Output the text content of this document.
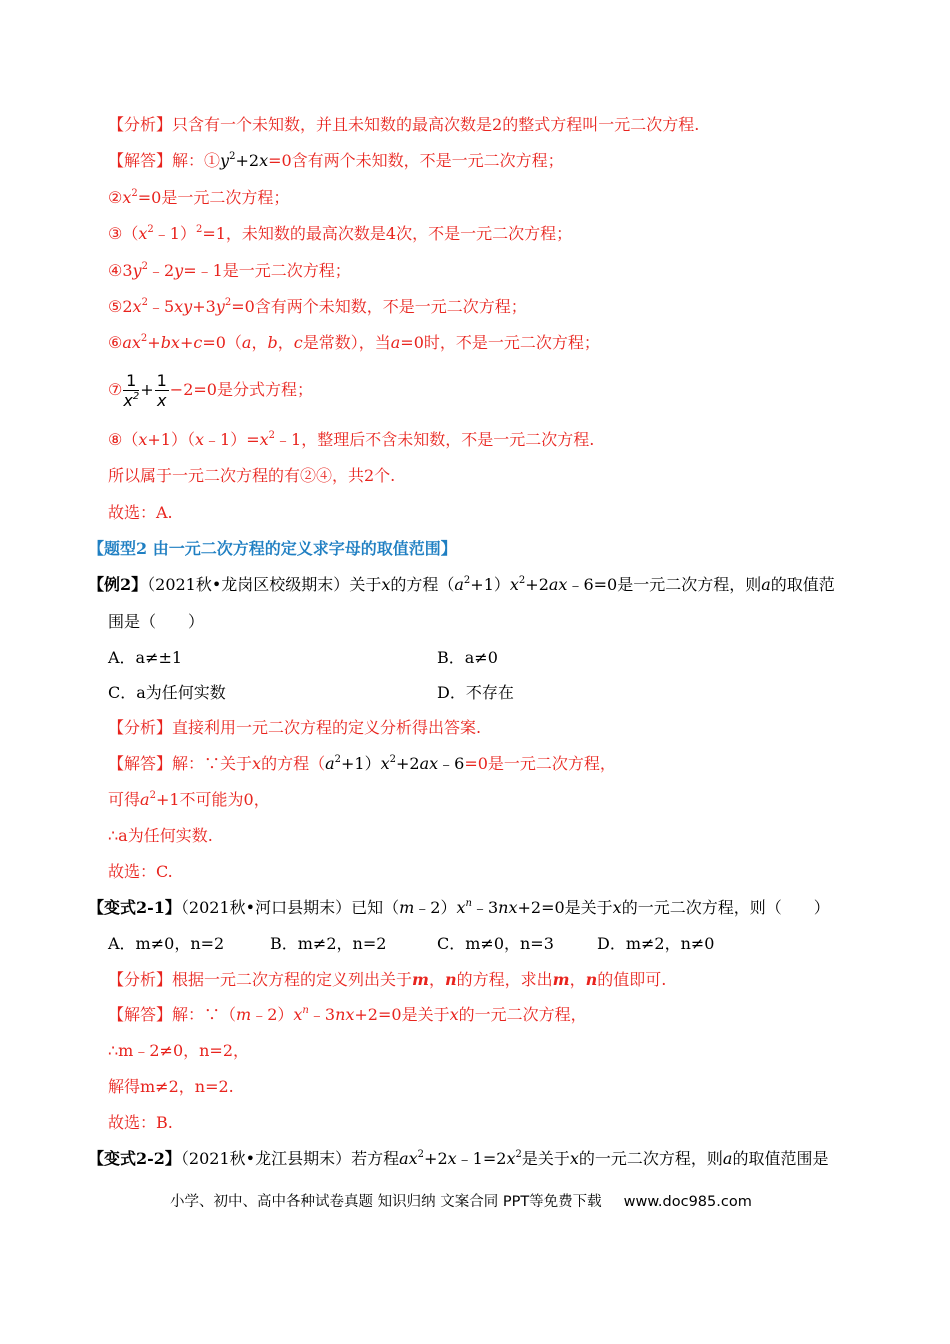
【分析】只含有一个未知数，并且未知数的最高次数是2的整式方程叫一元二次方程.
【解答】解：$①y^2+2x=0$含有两个未知数，不是一元二次方程；
$②x^2=0$是一元二次方程；
$③(x^2﹣1)^2=1$，未知数的最高次数是4次，不是一元二次方程；
$④3y^2﹣2y=﹣1$是一元二次方程；
$⑤2x^2﹣5xy+3y^2=0$含有两个未知数，不是一元二次方程；
$⑥ax^2+bx+c=0(a$，b，c是常数），当a=0时，不是一元二次方程；
⑦ $\frac{1}{x^2} + \frac{1}{x} -2=0$是分式方程；
$⑧(x+1)(x﹣1)=x^2﹣1$，整理后不含未知数，不是一元二次方程.
所以属于一元二次方程的有②④，共2个.
故选：A.
【题型2 由一元二次方程的定义求字母的取值范围】
【例2】（2021秋•龙岗区校级期末）关于x的方程$(a^2+1)x^2+2ax﹣6=0$是一元二次方程，则a的取值范
围是（　　）
A．a≠±1	B．a≠0
C．a为任何实数	D．不存在
【分析】直接利用一元二次方程的定义分析得出答案.
【解答】解：∵关于x的方程$(a^2+1)x^2+2ax﹣6=0$是一元二次方程，
可得$a^2+1$不可能为0，
∴a为任何实数.
故选：C.
【变式2-1】（2021秋•河口县期末）已知$(m﹣2)x^n﹣3nx+2=0$是关于x的一元二次方程，则（　　）
A．m≠0，n=2	B．m≠2，n=2	C．m≠0，n=3	D．m≠2，n≠0
【分析】根据一元二次方程的定义列出关于m，n的方程，求出m，n的值即可.
【解答】解：$\because(m﹣2)x^n﹣3nx+2=0$是关于x的一元二次方程，
∴m﹣2≠0，n=2，
解得m≠2，n=2.
故选：B.
【变式2-2】（2021秋•龙江县期末）若方程$ax^2+2x﹣1=2x^2$是关于x的一元二次方程，则a的取值范围是
小学、初中、高中各种试卷真题 知识归纳 文案合同 PPT等免费下载 www.doc985.com
